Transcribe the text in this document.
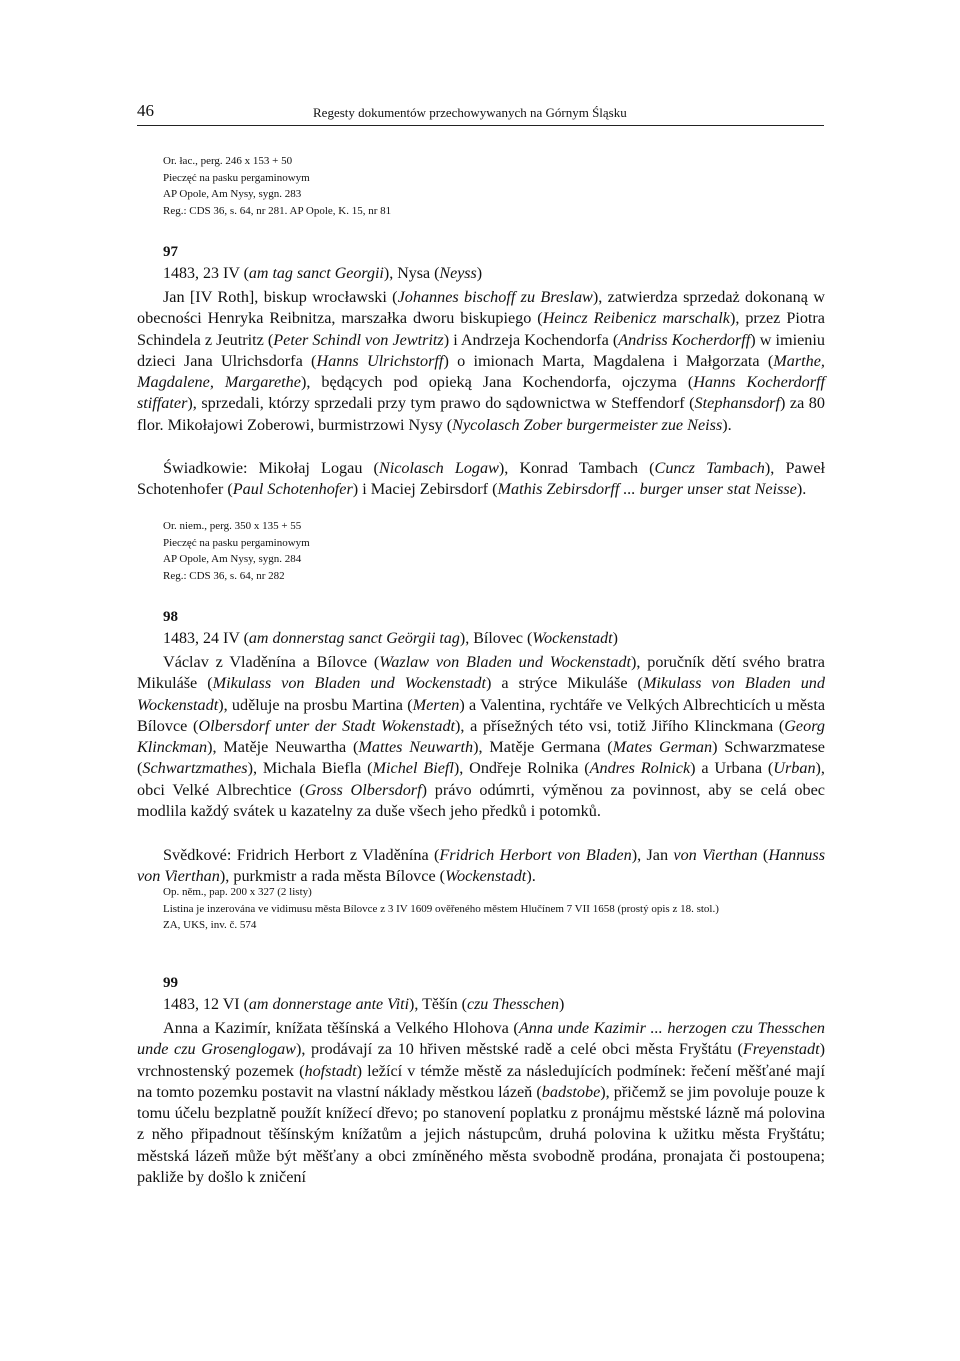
46	Regesty dokumentów przechowywanych na Górnym Śląsku

Or. łac., perg. 246 x 153 + 50

Pieczęć na pasku pergaminowym

AP Opole, Am Nysy, sygn. 283

Reg.: CDS 36, s. 64, nr 281. AP Opole, K. 15, nr 81

97
1483, 23 IV (am tag sanct Georgii), Nysa (Neyss)

Jan [IV Roth], biskup wrocławski (Johannes bischoff zu Breslaw), zatwierdza sprzedaż dokonaną w obecności Henryka Reibnitza, marszałka dworu biskupiego (Heincz Reibenicz marschalk), przez Piotra Schindela z Jeutritz (Peter Schindl von Jewtritz) i Andrzeja Kochendorfa (Andriss Kocherdorff) w imieniu dzieci Jana Ulrichsdorfa (Hanns Ulrichstorff) o imionach Marta, Magdalena i Małgorzata (Marthe, Magdalene, Margarethe), będących pod opieką Jana Kochendorfa, ojczyma (Hanns Kocherdorff stiffater), sprzedali, którzy sprzedali przy tym prawo do sądownictwa w Steffendorf (Stephansdorf) za 80 flor. Mikołajowi Zoberowi, burmistrzowi Nysy (Nycolasch Zober burgermeister zue Neiss).

Świadkowie: Mikołaj Logau (Nicolasch Logaw), Konrad Tambach (Cuncz Tambach), Paweł Schotenhofer (Paul Schotenhofer) i Maciej Zebirsdorf (Mathis Zebirsdorff ... burger unser stat Neisse).

Or. niem., perg. 350 x 135 + 55

Pieczęć na pasku pergaminowym

AP Opole, Am Nysy, sygn. 284

Reg.: CDS 36, s. 64, nr 282

98
1483, 24 IV (am donnerstag sanct Geörgii tag), Bílovec (Wockenstadt)

Václav z Vladěnína a Bílovce (Wazlaw von Bladen und Wockenstadt), poručník dětí svého bratra Mikuláše (Mikulass von Bladen und Wockenstadt) a strýce Mikuláše (Mikulass von Bladen und Wockenstadt), uděluje na prosbu Martina (Merten) a Valentina, rychtáře ve Velkých Albrechticích u města Bílovce (Olbersdorf unter der Stadt Wokenstadt), a přísežných této vsi, totiž Jiřího Klinckmana (Georg Klinckman), Matěje Neuwartha (Mattes Neuwarth), Matěje Germana (Mates German) Schwarzmatese (Schwartzmathes), Michala Biefla (Michel Biefl), Ondřeje Rolnika (Andres Rolnick) a Urbana (Urban), obci Velké Albrechtice (Gross Olbersdorf) právo odúmrti, výměnou za povinnost, aby se celá obec modlila každý svátek u kazatelny za duše všech jeho předků i potomků.

Svědkové: Fridrich Herbort z Vladěnína (Fridrich Herbort von Bladen), Jan von Vierthan (Hannuss von Vierthan), purkmistr a rada města Bílovce (Wockenstadt).

Op. něm., pap. 200 x 327 (2 listy)

Listina je inzerována ve vidimusu města Bílovce z 3 IV 1609 ověřeného městem Hlučínem 7 VII 1658 (prostý opis z 18. stol.)

ZA, UKS, inv. č. 574

99
1483, 12 VI (am donnerstage ante Viti), Těšín (czu Thesschen)

Anna a Kazimír, knížata těšínská a Velkého Hlohova (Anna unde Kazimir ... herzogen czu Thesschen unde czu Grosenglogaw), prodávají za 10 hřiven městské radě a celé obci města Fryštátu (Freyenstadt) vrchnostenský pozemek (hofstadt) ležící v témže městě za následujících podmínek: řečení měšťané mají na tomto pozemku postavit na vlastní náklady městkou lázeň (badstobe), přičemž se jim povoluje pouze k tomu účelu bezplatně použít knížecí dřevo; po stanovení poplatku z pronájmu městské lázně má polovina z něho připadnout těšínským knížatům a jejich nástupcům, druhá polovina k užitku města Fryštátu; městská lázeň může být měšťany a obci zmíněného města svobodně prodána, pronajata či postoupena; pakliže by došlo k zničení
